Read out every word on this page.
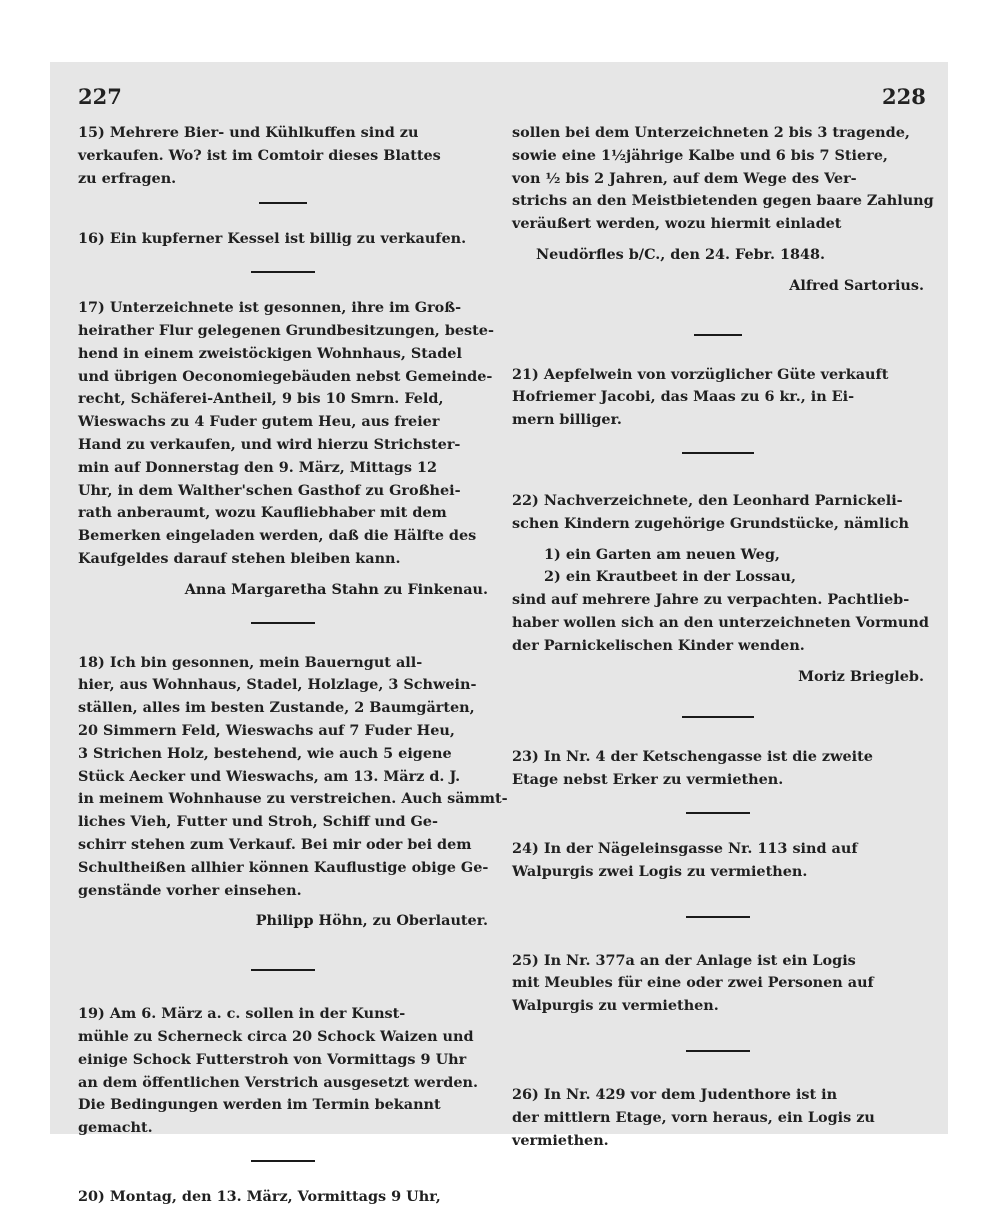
227	228
15) Mehrere Bier- und Kühlkuffen sind zu
verkaufen. Wo? ist im Comtoir dieses Blattes
zu erfragen.
16) Ein kupferner Kessel ist billig zu verkaufen.
17) Unterzeichnete ist gesonnen, ihre im Groß-
heirather Flur gelegenen Grundbesitzungen, beste-
hend in einem zweistöckigen Wohnhaus, Stadel
und übrigen Oeconomiegebäuden nebst Gemeinde-
recht, Schäferei-Antheil, 9 bis 10 Smrn. Feld,
Wieswachs zu 4 Fuder gutem Heu, aus freier
Hand zu verkaufen, und wird hierzu Strichster-
min auf Donnerstag den 9. März, Mittags 12
Uhr, in dem Walther'schen Gasthof zu Großhei-
rath anberaumt, wozu Kaufliebhaber mit dem
Bemerken eingeladen werden, daß die Hälfte des
Kaufgeldes darauf stehen bleiben kann.

Anna Margaretha Stahn zu Finkenau.

18) Ich bin gesonnen, mein Bauerngut all-
hier, aus Wohnhaus, Stadel, Holzlage, 3 Schwein-
ställen, alles im besten Zustande, 2 Baumgärten,
20 Simmern Feld, Wieswachs auf 7 Fuder Heu,
3 Strichen Holz, bestehend, wie auch 5 eigene
Stück Aecker und Wieswachs, am 13. März d. J.
in meinem Wohnhause zu verstreichen. Auch sämmt-
liches Vieh, Futter und Stroh, Schiff und Ge-
schirr stehen zum Verkauf. Bei mir oder bei dem
Schultheißen allhier können Kauflustige obige Ge-
genstände vorher einsehen.

Philipp Höhn, zu Oberlauter.

19) Am 6. März a. c. sollen in der Kunst-
mühle zu Scherneck circa 20 Schock Waizen und
einige Schock Futterstroh von Vormittags 9 Uhr
an dem öffentlichen Verstrich ausgesetzt werden.
Die Bedingungen werden im Termin bekannt
gemacht.
20) Montag, den 13. März, Vormittags 9 Uhr,
sollen bei dem Unterzeichneten 2 bis 3 tragende,
sowie eine 1½jährige Kalbe und 6 bis 7 Stiere,
von ½ bis 2 Jahren, auf dem Wege des Ver-
strichs an den Meistbietenden gegen baare Zahlung
veräußert werden, wozu hiermit einladet

Neudörfles b/C., den 24. Febr. 1848.

Alfred Sartorius.

21) Aepfelwein von vorzüglicher Güte verkauft
Hofriemer Jacobi, das Maas zu 6 kr., in Ei-
mern billiger.
22) Nachverzeichnete, den Leonhard Parnickeli-
schen Kindern zugehörige Grundstücke, nämlich

1) ein Garten am neuen Weg,

2) ein Krautbeet in der Lossau,

sind auf mehrere Jahre zu verpachten. Pachtlieb-
haber wollen sich an den unterzeichneten Vormund
der Parnickelischen Kinder wenden.

Moriz Briegleb.

23) In Nr. 4 der Ketschengasse ist die zweite
Etage nebst Erker zu vermiethen.
24) In der Nägeleinsgasse Nr. 113 sind auf
Walpurgis zwei Logis zu vermiethen.
25) In Nr. 377a an der Anlage ist ein Logis
mit Meubles für eine oder zwei Personen auf
Walpurgis zu vermiethen.
26) In Nr. 429 vor dem Judenthore ist in
der mittlern Etage, vorn heraus, ein Logis zu
vermiethen.
